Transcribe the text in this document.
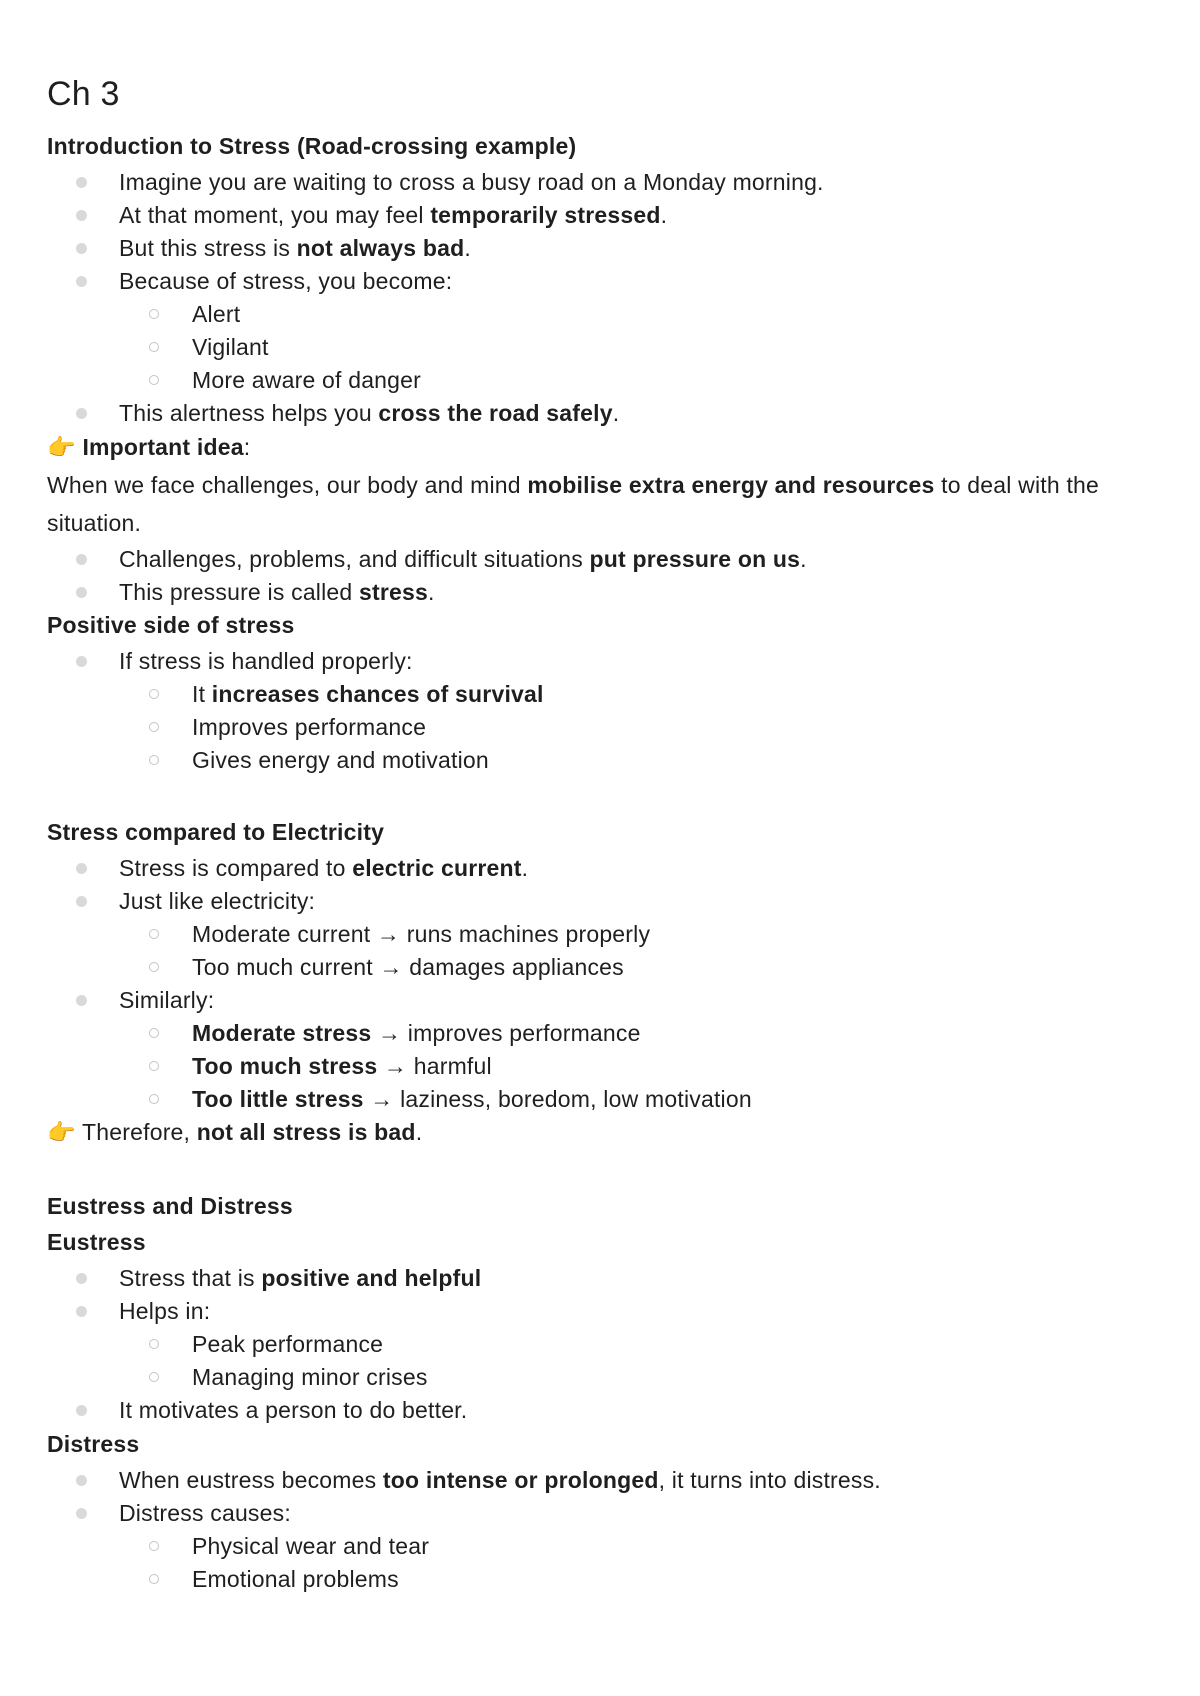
Ch 3
Introduction to Stress (Road-crossing example)
Imagine you are waiting to cross a busy road on a Monday morning.
At that moment, you may feel temporarily stressed.
But this stress is not always bad.
Because of stress, you become:
Alert
Vigilant
More aware of danger
This alertness helps you cross the road safely.
👉 Important idea:
When we face challenges, our body and mind mobilise extra energy and resources to deal with the situation.
Challenges, problems, and difficult situations put pressure on us.
This pressure is called stress.
Positive side of stress
If stress is handled properly:
It increases chances of survival
Improves performance
Gives energy and motivation
Stress compared to Electricity
Stress is compared to electric current.
Just like electricity:
Moderate current → runs machines properly
Too much current → damages appliances
Similarly:
Moderate stress → improves performance
Too much stress → harmful
Too little stress → laziness, boredom, low motivation
👉 Therefore, not all stress is bad.
Eustress and Distress
Eustress
Stress that is positive and helpful
Helps in:
Peak performance
Managing minor crises
It motivates a person to do better.
Distress
When eustress becomes too intense or prolonged, it turns into distress.
Distress causes:
Physical wear and tear
Emotional problems
